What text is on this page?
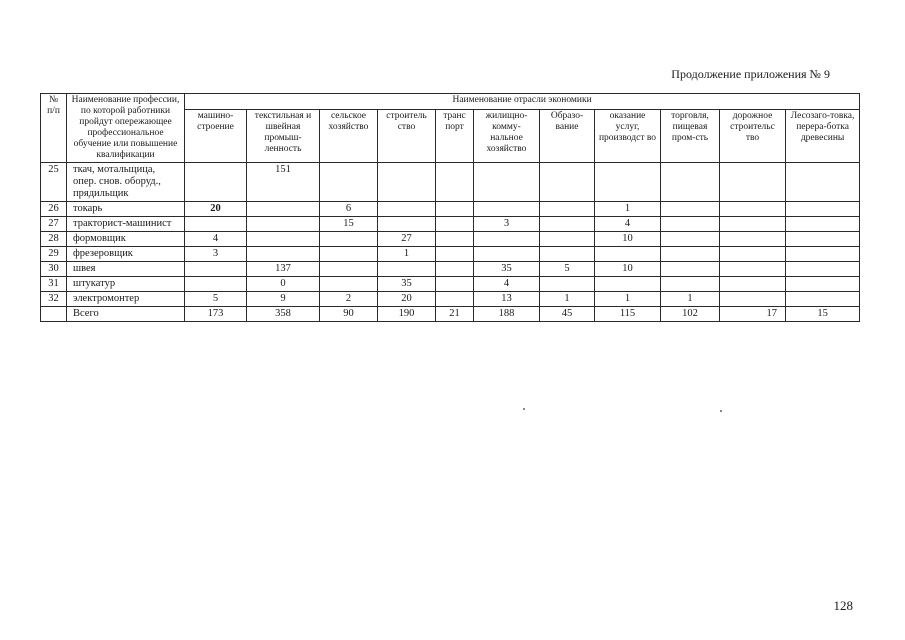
Продолжение приложения № 9
№ п/п	Наименование профессии, по которой работники пройдут опережающее профессиональное обучение или повышение квалификации	Наименование отрасли экономики										
		машино-строение	текстильная и швейная промыш-ленность	сельское хозяйство	строитель ство	транс порт	жилищно-комму-нальное хозяйство	Образо-вание	оказание услуг, производст во	торговля, пищевая пром-сть	дорожное строительс тво	Лесозаго-товка, перера-ботка древесины
25	ткач, мотальщица, опер. снов. оборуд., прядильщик		151									
26	токарь	20		6					1			
27	тракторист-машинист			15			3		4			
28	формовщик	4			27				10			
29	фрезеровщик	3			1							
30	швея		137				35	5	10			
31	штукатур		0		35		4					
32	электромонтер	5	9	2	20		13	1	1	1		
	Всего	173	358	90	190	21	188	45	115	102	17	15
128
